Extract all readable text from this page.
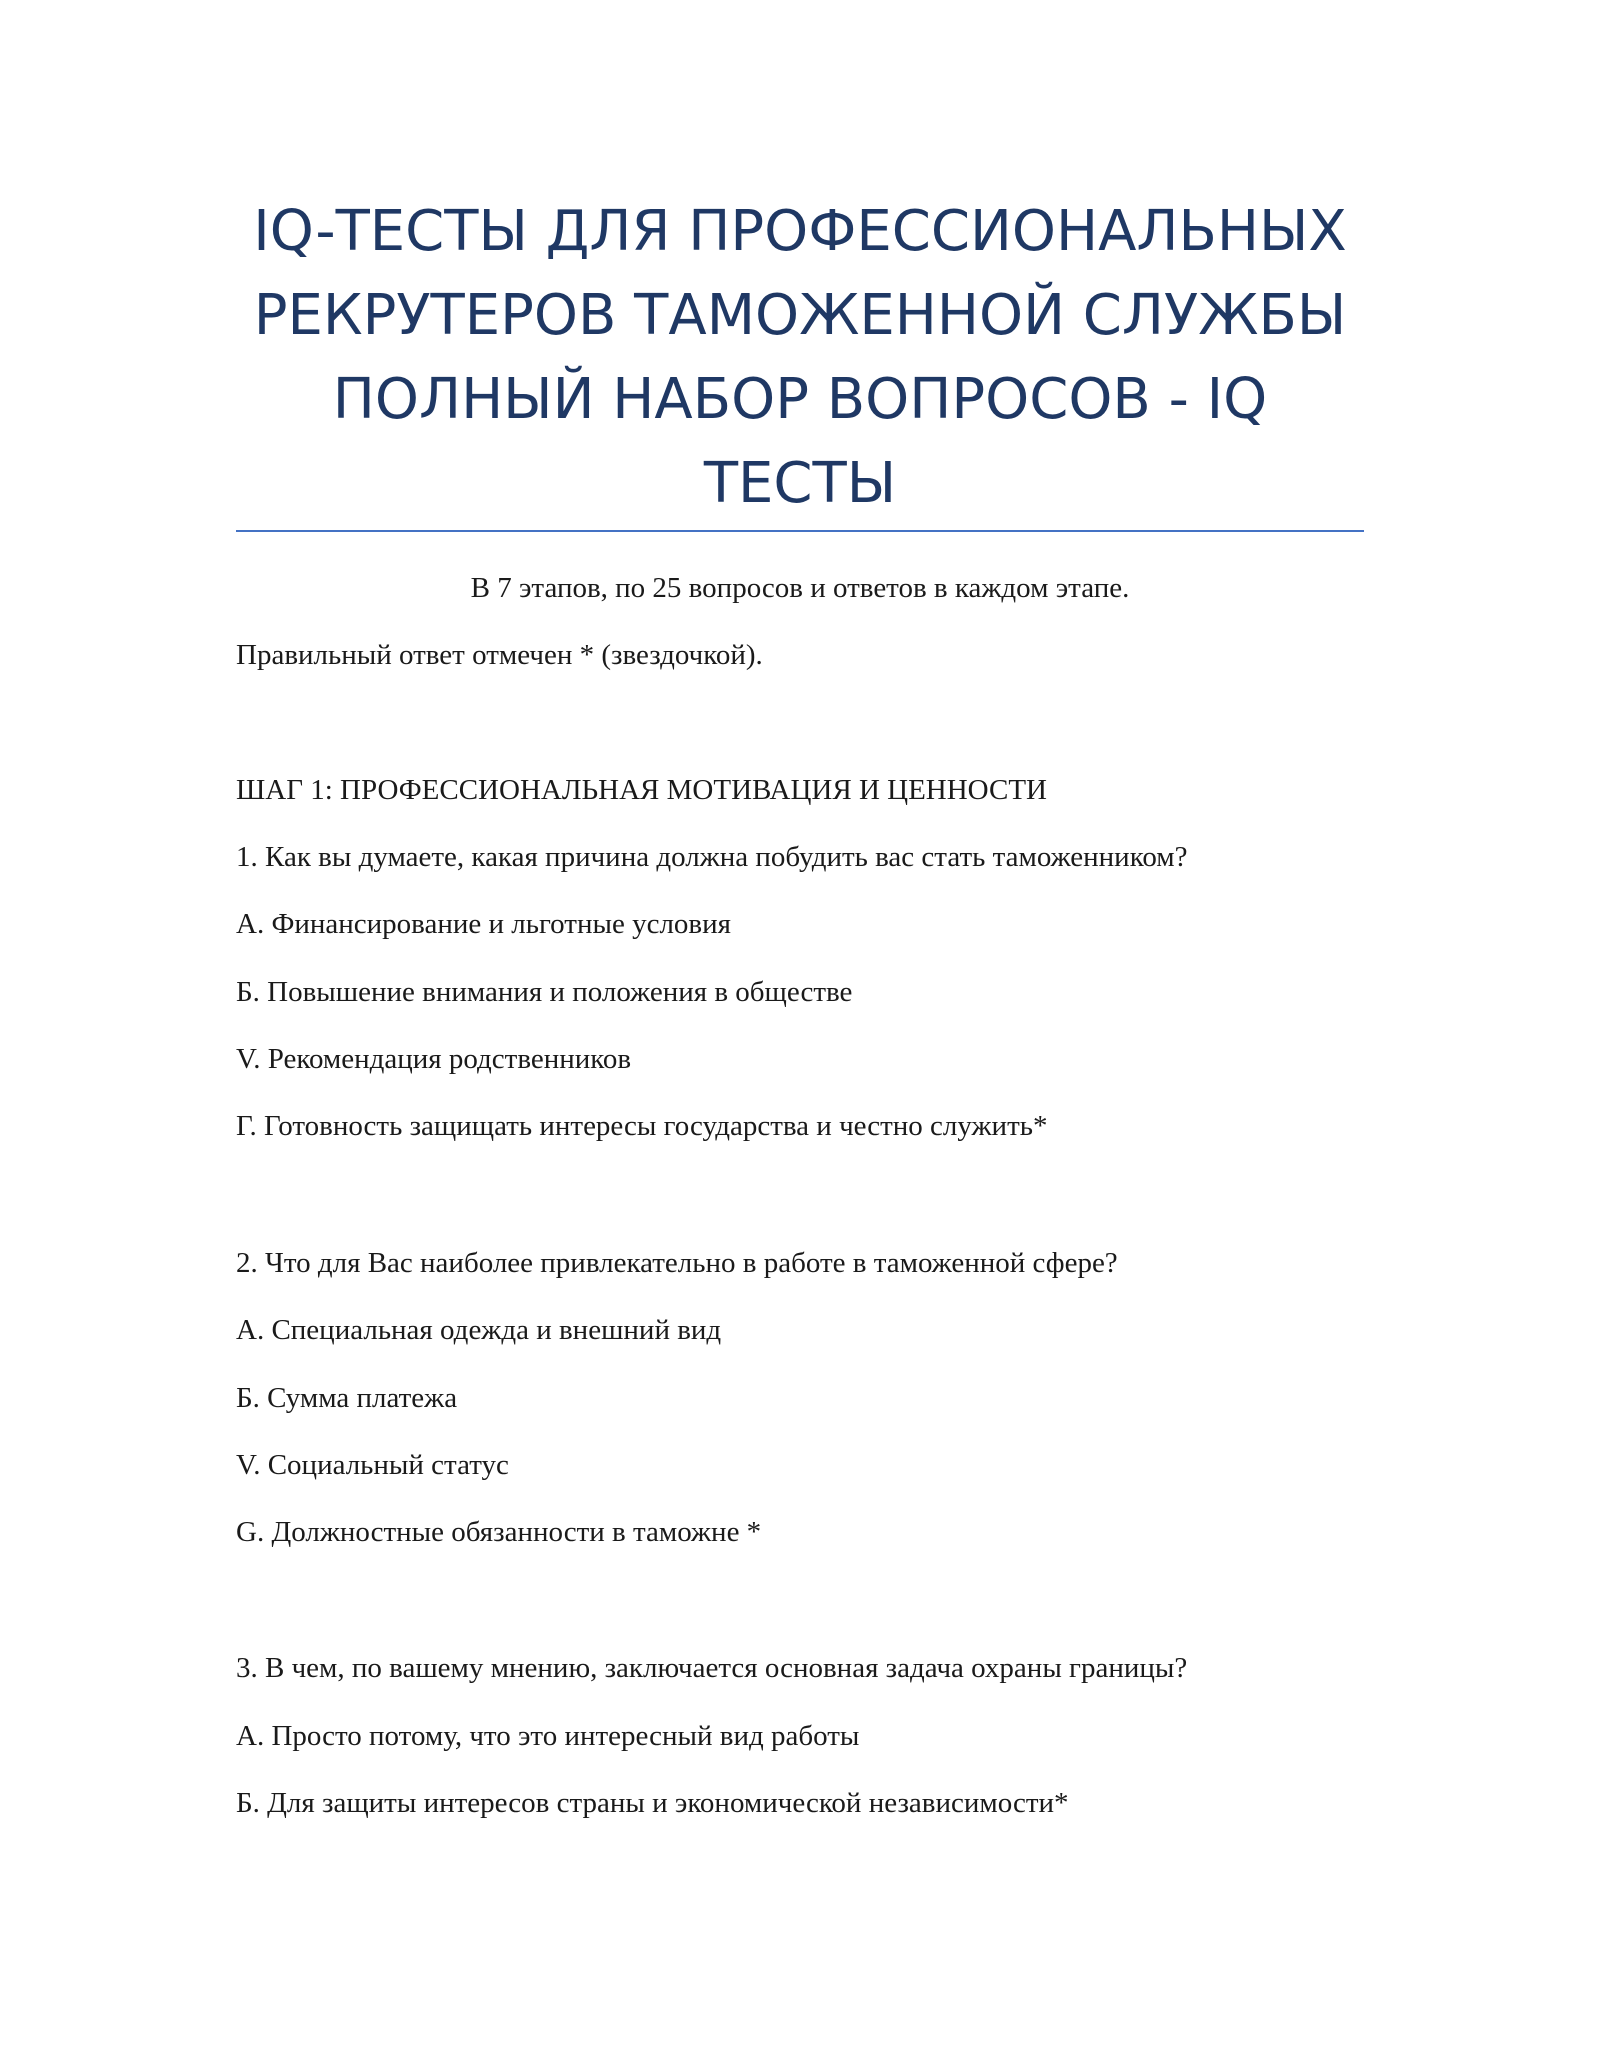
IQ-ТЕСТЫ ДЛЯ ПРОФЕССИОНАЛЬНЫХ
РЕКРУТЕРОВ ТАМОЖЕННОЙ СЛУЖБЫ
ПОЛНЫЙ НАБОР ВОПРОСОВ - IQ
ТЕСТЫ
В 7 этапов, по 25 вопросов и ответов в каждом этапе.
Правильный ответ отмечен * (звездочкой).
ШАГ 1: ПРОФЕССИОНАЛЬНАЯ МОТИВАЦИЯ И ЦЕННОСТИ
1. Как вы думаете, какая причина должна побудить вас стать таможенником?
A. Финансирование и льготные условия
Б. Повышение внимания и положения в обществе
V. Рекомендация родственников
Г. Готовность защищать интересы государства и честно служить*
2. Что для Вас наиболее привлекательно в работе в таможенной сфере?
A. Специальная одежда и внешний вид
Б. Сумма платежа
V. Социальный статус
G. Должностные обязанности в таможне *
3. В чем, по вашему мнению, заключается основная задача охраны границы?
A. Просто потому, что это интересный вид работы
Б. Для защиты интересов страны и экономической независимости*
